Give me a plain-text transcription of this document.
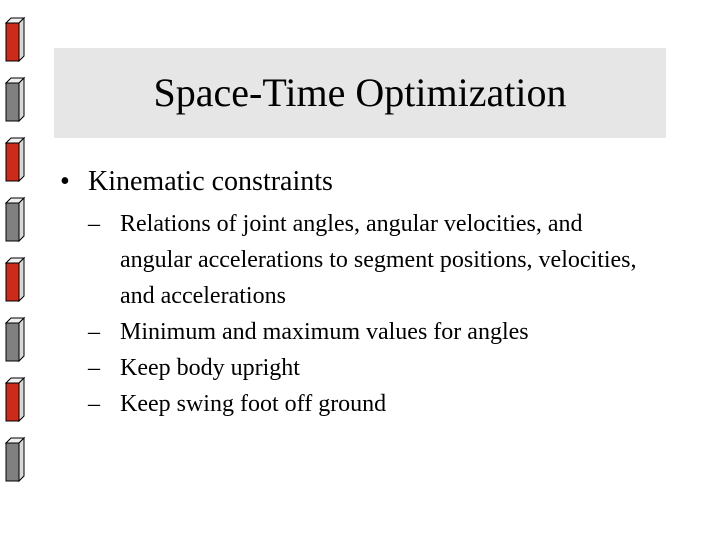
Space-Time Optimization
• Kinematic constraints
– Relations of joint angles, angular velocities, and angular accelerations to segment positions, velocities, and accelerations
– Minimum and maximum values for angles
– Keep body upright
– Keep swing foot off ground
